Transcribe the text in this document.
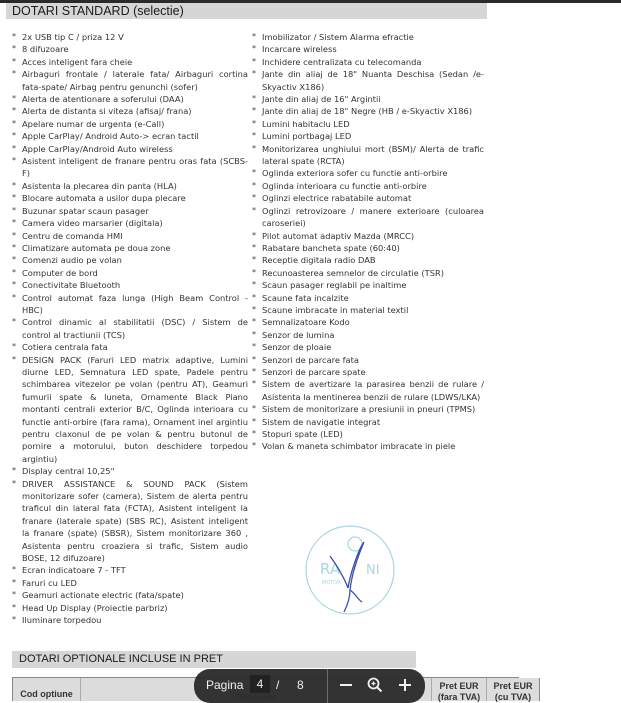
DOTARI STANDARD (selectie)
* 2x USB tip C / priza 12 V
* 8 difuzoare
* Acces inteligent fara cheie
* Airbaguri frontale / laterale fata/ Airbaguri cortina fata-spate/ Airbag pentru genunchi (sofer)
* Alerta de atentionare a soferului (DAA)
* Alerta de distanta si viteza (afisaj/ frana)
* Apelare numar de urgenta (e-Call)
* Apple CarPlay/ Android Auto-> ecran tactil
* Apple CarPlay/Android Auto wireless
* Asistent inteligent de franare pentru oras fata (SCBS-F)
* Asistenta la plecarea din panta (HLA)
* Blocare automata a usilor dupa plecare
* Buzunar spatar scaun pasager
* Camera video marsarier (digitala)
* Centru de comanda HMI
* Climatizare automata pe doua zone
* Comenzi audio pe volan
* Computer de bord
* Conectivitate Bluetooth
* Control automat faza lunga (High Beam Control - HBC)
* Control dinamic al stabilitatii (DSC) / Sistem de control al tractiunii (TCS)
* Cotiera centrala fata
* DESIGN PACK (Faruri LED matrix adaptive, Lumini diurne LED, Semnatura LED spate, Padele pentru schimbarea vitezelor pe volan (pentru AT), Geamuri fumurii spate & luneta, Ornamente Black Piano montanti centrali exterior B/C, Oglinda interioara cu functie anti-orbire (fara rama), Ornament inel argintiu pentru claxonul de pe volan & pentru butonul de pornire a motorului, buton deschidere torpedou argintiu)
* Display central 10,25"
* DRIVER ASSISTANCE & SOUND PACK (Sistem monitorizare sofer (camera), Sistem de alerta pentru traficul din lateral fata (FCTA), Asistent inteligent la franare (laterale spate) (SBS RC), Asistent inteligent la franare (spate) (SBSR), Sistem monitorizare 360 , Asistenta pentru croaziera si trafic, Sistem audio BOSE, 12 difuzoare)
* Ecran indicatoare 7 - TFT
* Faruri cu LED
* Geamuri actionate electric (fata/spate)
* Head Up Display (Proiectie parbriz)
* Iluminare torpedou
* Imobilizator / Sistem Alarma efractie
* Incarcare wireless
* Inchidere centralizata cu telecomanda
* Jante din aliaj de 18" Nuanta Deschisa (Sedan /e-Skyactiv X186)
* Jante din aliaj de 16" Argintii
* Jante din aliaj de 18" Negre (HB / e-Skyactiv X186)
* Lumini habitaclu LED
* Lumini portbagaj LED
* Monitorizarea unghiului mort (BSM)/ Alerta de trafic lateral spate (RCTA)
* Oglinda exteriora sofer cu functie anti-orbire
* Oglinda interioara cu functie anti-orbire
* Oglinzi electrice rabatabile automat
* Oglinzi retrovizoare / manere exterioare (culoarea caroseriei)
* Pilot automat adaptiv Mazda (MRCC)
* Rabatare bancheta spate (60:40)
* Receptie digitala radio DAB
* Recunoasterea semnelor de circulatie (TSR)
* Scaun pasager reglabil pe inaltime
* Scaune fata incalzite
* Scaune imbracate in material textil
* Semnalizatoare Kodo
* Senzor de lumina
* Senzor de ploaie
* Senzori de parcare fata
* Senzori de parcare spate
* Sistem de avertizare la parasirea benzii de rulare / Asistenta la mentinerea benzii de rulare (LDWS/LKA)
* Sistem de monitorizare a presiunii in pneuri (TPMS)
* Sistem de navigatie integrat
* Stopuri spate (LED)
* Volan & maneta schimbator imbracate in piele
RA NI
MOTOR
DOTARI OPTIONALE INCLUSE IN PRET
Cod optiune
Pret EUR (fara TVA)
Pret EUR (cu TVA)
Pagina	4	/ 8
